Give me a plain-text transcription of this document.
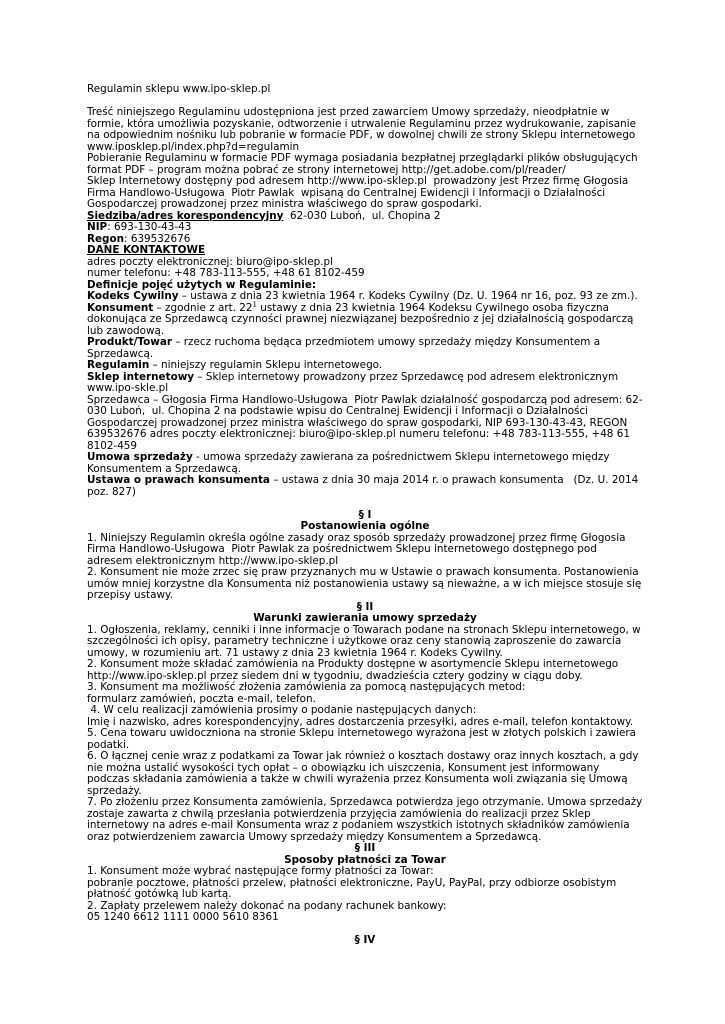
Regulamin sklepu www.ipo-sklep.pl

Treść niniejszego Regulaminu udostępniona jest przed zawarciem Umowy sprzedaży, nieodpłatnie w formie, która umożliwia pozyskanie, odtworzenie i utrwalenie Regulaminu przez wydrukowanie, zapisanie na odpowiednim nośniku lub pobranie w formacie PDF, w dowolnej chwili ze strony Sklepu internetowego www.iposklep.pl/index.php?d=regulamin

Pobieranie Regulaminu w formacie PDF wymaga posiadania bezpłatnej przeglądarki plików obsługujących format PDF – program można pobrać ze strony internetowej http://get.adobe.com/pl/reader/

Sklep Internetowy dostępny pod adresem http://www.ipo-sklep.pl  prowadzony jest Przez firmę Głogosia Firma Handlowo-Usługowa  Piotr Pawlak  wpisaną do Centralnej Ewidencji i Informacji o Działalności Gospodarczej prowadzonej przez ministra właściwego do spraw gospodarki.

Siedziba/adres korespondencyjny  62-030 Luboń,  ul. Chopina 2

NIP: 693-130-43-43

Regon: 639532676

DANE KONTAKTOWE

adres poczty elektronicznej: biuro@ipo-sklep.pl

numer telefonu: +48 783-113-555, +48 61 8102-459

Definicje pojęć użytych w Regulaminie:

Kodeks Cywilny – ustawa z dnia 23 kwietnia 1964 r. Kodeks Cywilny (Dz. U. 1964 nr 16, poz. 93 ze zm.).

Konsument – zgodnie z art. $22^1$ ustawy z dnia 23 kwietnia 1964 Kodeksu Cywilnego osoba fizyczna dokonująca ze Sprzedawcą czynności prawnej niezwiązanej bezpośrednio z jej działalnością gospodarczą lub zawodową.

Produkt/Towar – rzecz ruchoma będąca przedmiotem umowy sprzedaży między Konsumentem a Sprzedawcą.

Regulamin – niniejszy regulamin Sklepu internetowego.

Sklep internetowy – Sklep internetowy prowadzony przez Sprzedawcę pod adresem elektronicznym www.ipo-skle.pl

Sprzedawca – Głogosia Firma Handlowo-Usługowa  Piotr Pawlak działalność gospodarczą pod adresem: 62-030 Luboń,  ul. Chopina 2 na podstawie wpisu do Centralnej Ewidencji i Informacji o Działalności Gospodarczej prowadzonej przez ministra właściwego do spraw gospodarki, NIP 693-130-43-43, REGON 639532676 adres poczty elektronicznej: biuro@ipo-sklep.pl numeru telefonu: +48 783-113-555, +48 61 8102-459

Umowa sprzedaży - umowa sprzedaży zawierana za pośrednictwem Sklepu internetowego między Konsumentem a Sprzedawcą.

Ustawa o prawach konsumenta – ustawa z dnia 30 maja 2014 r. o prawach konsumenta   (Dz. U. 2014 poz. 827)

§ I

Postanowienia ogólne

1. Niniejszy Regulamin określa ogólne zasady oraz sposób sprzedaży prowadzonej przez firmę Głogosia Firma Handlowo-Usługowa  Piotr Pawlak za pośrednictwem Sklepu internetowego dostępnego pod adresem elektronicznym http://www.ipo-sklep.pl

2. Konsument nie może zrzec się praw przyznanych mu w Ustawie o prawach konsumenta. Postanowienia umów mniej korzystne dla Konsumenta niż postanowienia ustawy są nieważne, a w ich miejsce stosuje się przepisy ustawy.

§ II

Warunki zawierania umowy sprzedaży

1. Ogłoszenia, reklamy, cenniki i inne informacje o Towarach podane na stronach Sklepu internetowego, w szczególności ich opisy, parametry techniczne i użytkowe oraz ceny stanowią zaproszenie do zawarcia umowy, w rozumieniu art. 71 ustawy z dnia 23 kwietnia 1964 r. Kodeks Cywilny.

2. Konsument może składać zamówienia na Produkty dostępne w asortymencie Sklepu internetowego http://www.ipo-sklep.pl przez siedem dni w tygodniu, dwadzieścia cztery godziny w ciągu doby.

3. Konsument ma możliwość złożenia zamówienia za pomocą następujących metod:

formularz zamówień, poczta e-mail, telefon.

4. W celu realizacji zamówienia prosimy o podanie następujących danych:

Imię i nazwisko, adres korespondencyjny, adres dostarczenia przesyłki, adres e-mail, telefon kontaktowy.

5. Cena towaru uwidoczniona na stronie Sklepu internetowego wyrażona jest w złotych polskich i zawiera podatki.

6. O łącznej cenie wraz z podatkami za Towar jak również o kosztach dostawy oraz innych kosztach, a gdy nie można ustalić wysokości tych opłat – o obowiązku ich uiszczenia, Konsument jest informowany podczas składania zamówienia a także w chwili wyrażenia przez Konsumenta woli związania się Umową sprzedaży.

7. Po złożeniu przez Konsumenta zamówienia, Sprzedawca potwierdza jego otrzymanie. Umowa sprzedaży zostaje zawarta z chwilą przesłania potwierdzenia przyjęcia zamówienia do realizacji przez Sklep internetowy na adres e-mail Konsumenta wraz z podaniem wszystkich istotnych składników zamówienia oraz potwierdzeniem zawarcia Umowy sprzedaży między Konsumentem a Sprzedawcą.

§ III

Sposoby płatności za Towar

1. Konsument może wybrać następujące formy płatności za Towar:

pobranie pocztowe, płatności przelew, płatności elektroniczne, PayU, PayPal, przy odbiorze osobistym płatność gotówką lub kartą.

2. Zapłaty przelewem należy dokonać na podany rachunek bankowy:

05 1240 6612 1111 0000 5610 8361

§ IV
